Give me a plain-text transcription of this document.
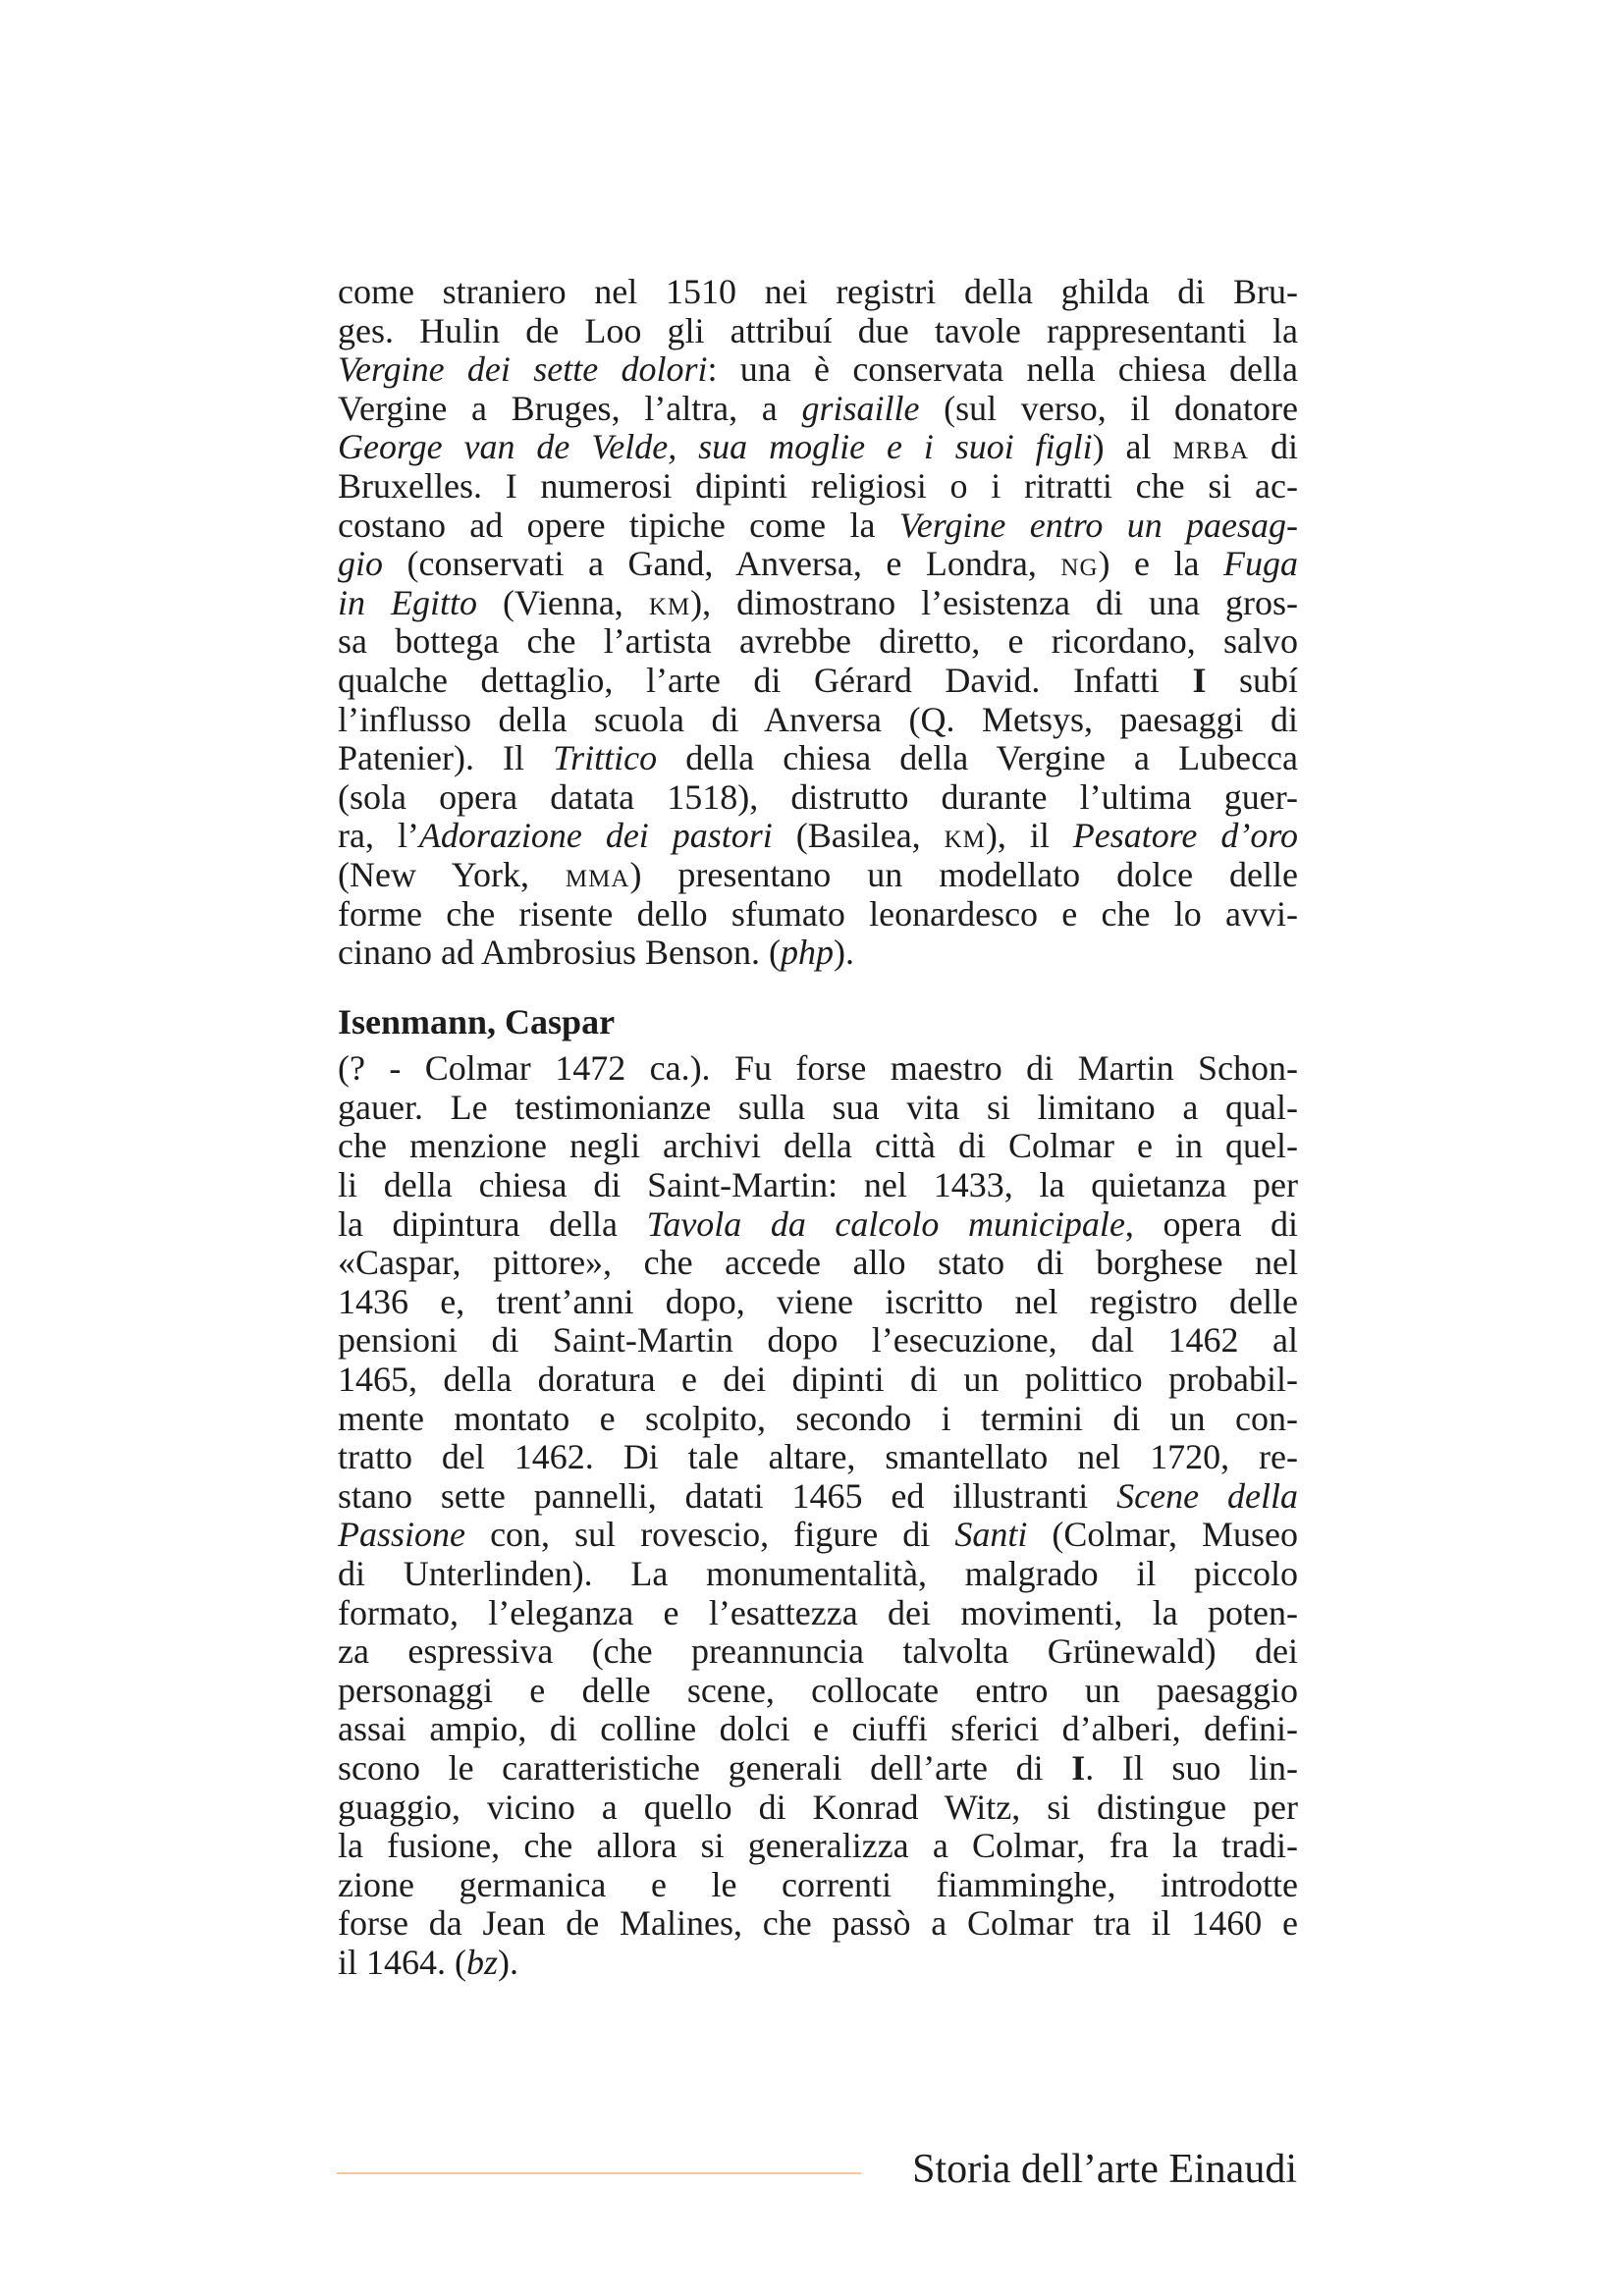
come straniero nel 1510 nei registri della ghilda di Bru-
ges. Hulin de Loo gli attribuí due tavole rappresentanti la
Vergine dei sette dolori: una è conservata nella chiesa della
Vergine a Bruges, l’altra, a grisaille (sul verso, il donatore
George van de Velde, sua moglie e i suoi figli) al mrba di
Bruxelles. I numerosi dipinti religiosi o i ritratti che si ac-
costano ad opere tipiche come la Vergine entro un paesag-
gio (conservati a Gand, Anversa, e Londra, ng) e la Fuga
in Egitto (Vienna, km), dimostrano l’esistenza di una gros-
sa bottega che l’artista avrebbe diretto, e ricordano, salvo
qualche dettaglio, l’arte di Gérard David. Infatti I subí
l’influsso della scuola di Anversa (Q. Metsys, paesaggi di
Patenier). Il Trittico della chiesa della Vergine a Lubecca
(sola opera datata 1518), distrutto durante l’ultima guer-
ra, l’Adorazione dei pastori (Basilea, km), il Pesatore d’oro
(New York, mma) presentano un modellato dolce delle
forme che risente dello sfumato leonardesco e che lo avvi-
cinano ad Ambrosius Benson. (php).
Isenmann, Caspar
(? - Colmar 1472 ca.). Fu forse maestro di Martin Schon-
gauer. Le testimonianze sulla sua vita si limitano a qual-
che menzione negli archivi della città di Colmar e in quel-
li della chiesa di Saint-Martin: nel 1433, la quietanza per
la dipintura della Tavola da calcolo municipale, opera di
«Caspar, pittore», che accede allo stato di borghese nel
1436 e, trent’anni dopo, viene iscritto nel registro delle
pensioni di Saint-Martin dopo l’esecuzione, dal 1462 al
1465, della doratura e dei dipinti di un polittico probabil-
mente montato e scolpito, secondo i termini di un con-
tratto del 1462. Di tale altare, smantellato nel 1720, re-
stano sette pannelli, datati 1465 ed illustranti Scene della
Passione con, sul rovescio, figure di Santi (Colmar, Museo
di Unterlinden). La monumentalità, malgrado il piccolo
formato, l’eleganza e l’esattezza dei movimenti, la poten-
za espressiva (che preannuncia talvolta Grünewald) dei
personaggi e delle scene, collocate entro un paesaggio
assai ampio, di colline dolci e ciuffi sferici d’alberi, defini-
scono le caratteristiche generali dell’arte di I. Il suo lin-
guaggio, vicino a quello di Konrad Witz, si distingue per
la fusione, che allora si generalizza a Colmar, fra la tradi-
zione germanica e le correnti fiamminghe, introdotte
forse da Jean de Malines, che passò a Colmar tra il 1460 e
il 1464. (bz).
Storia dell’arte Einaudi
